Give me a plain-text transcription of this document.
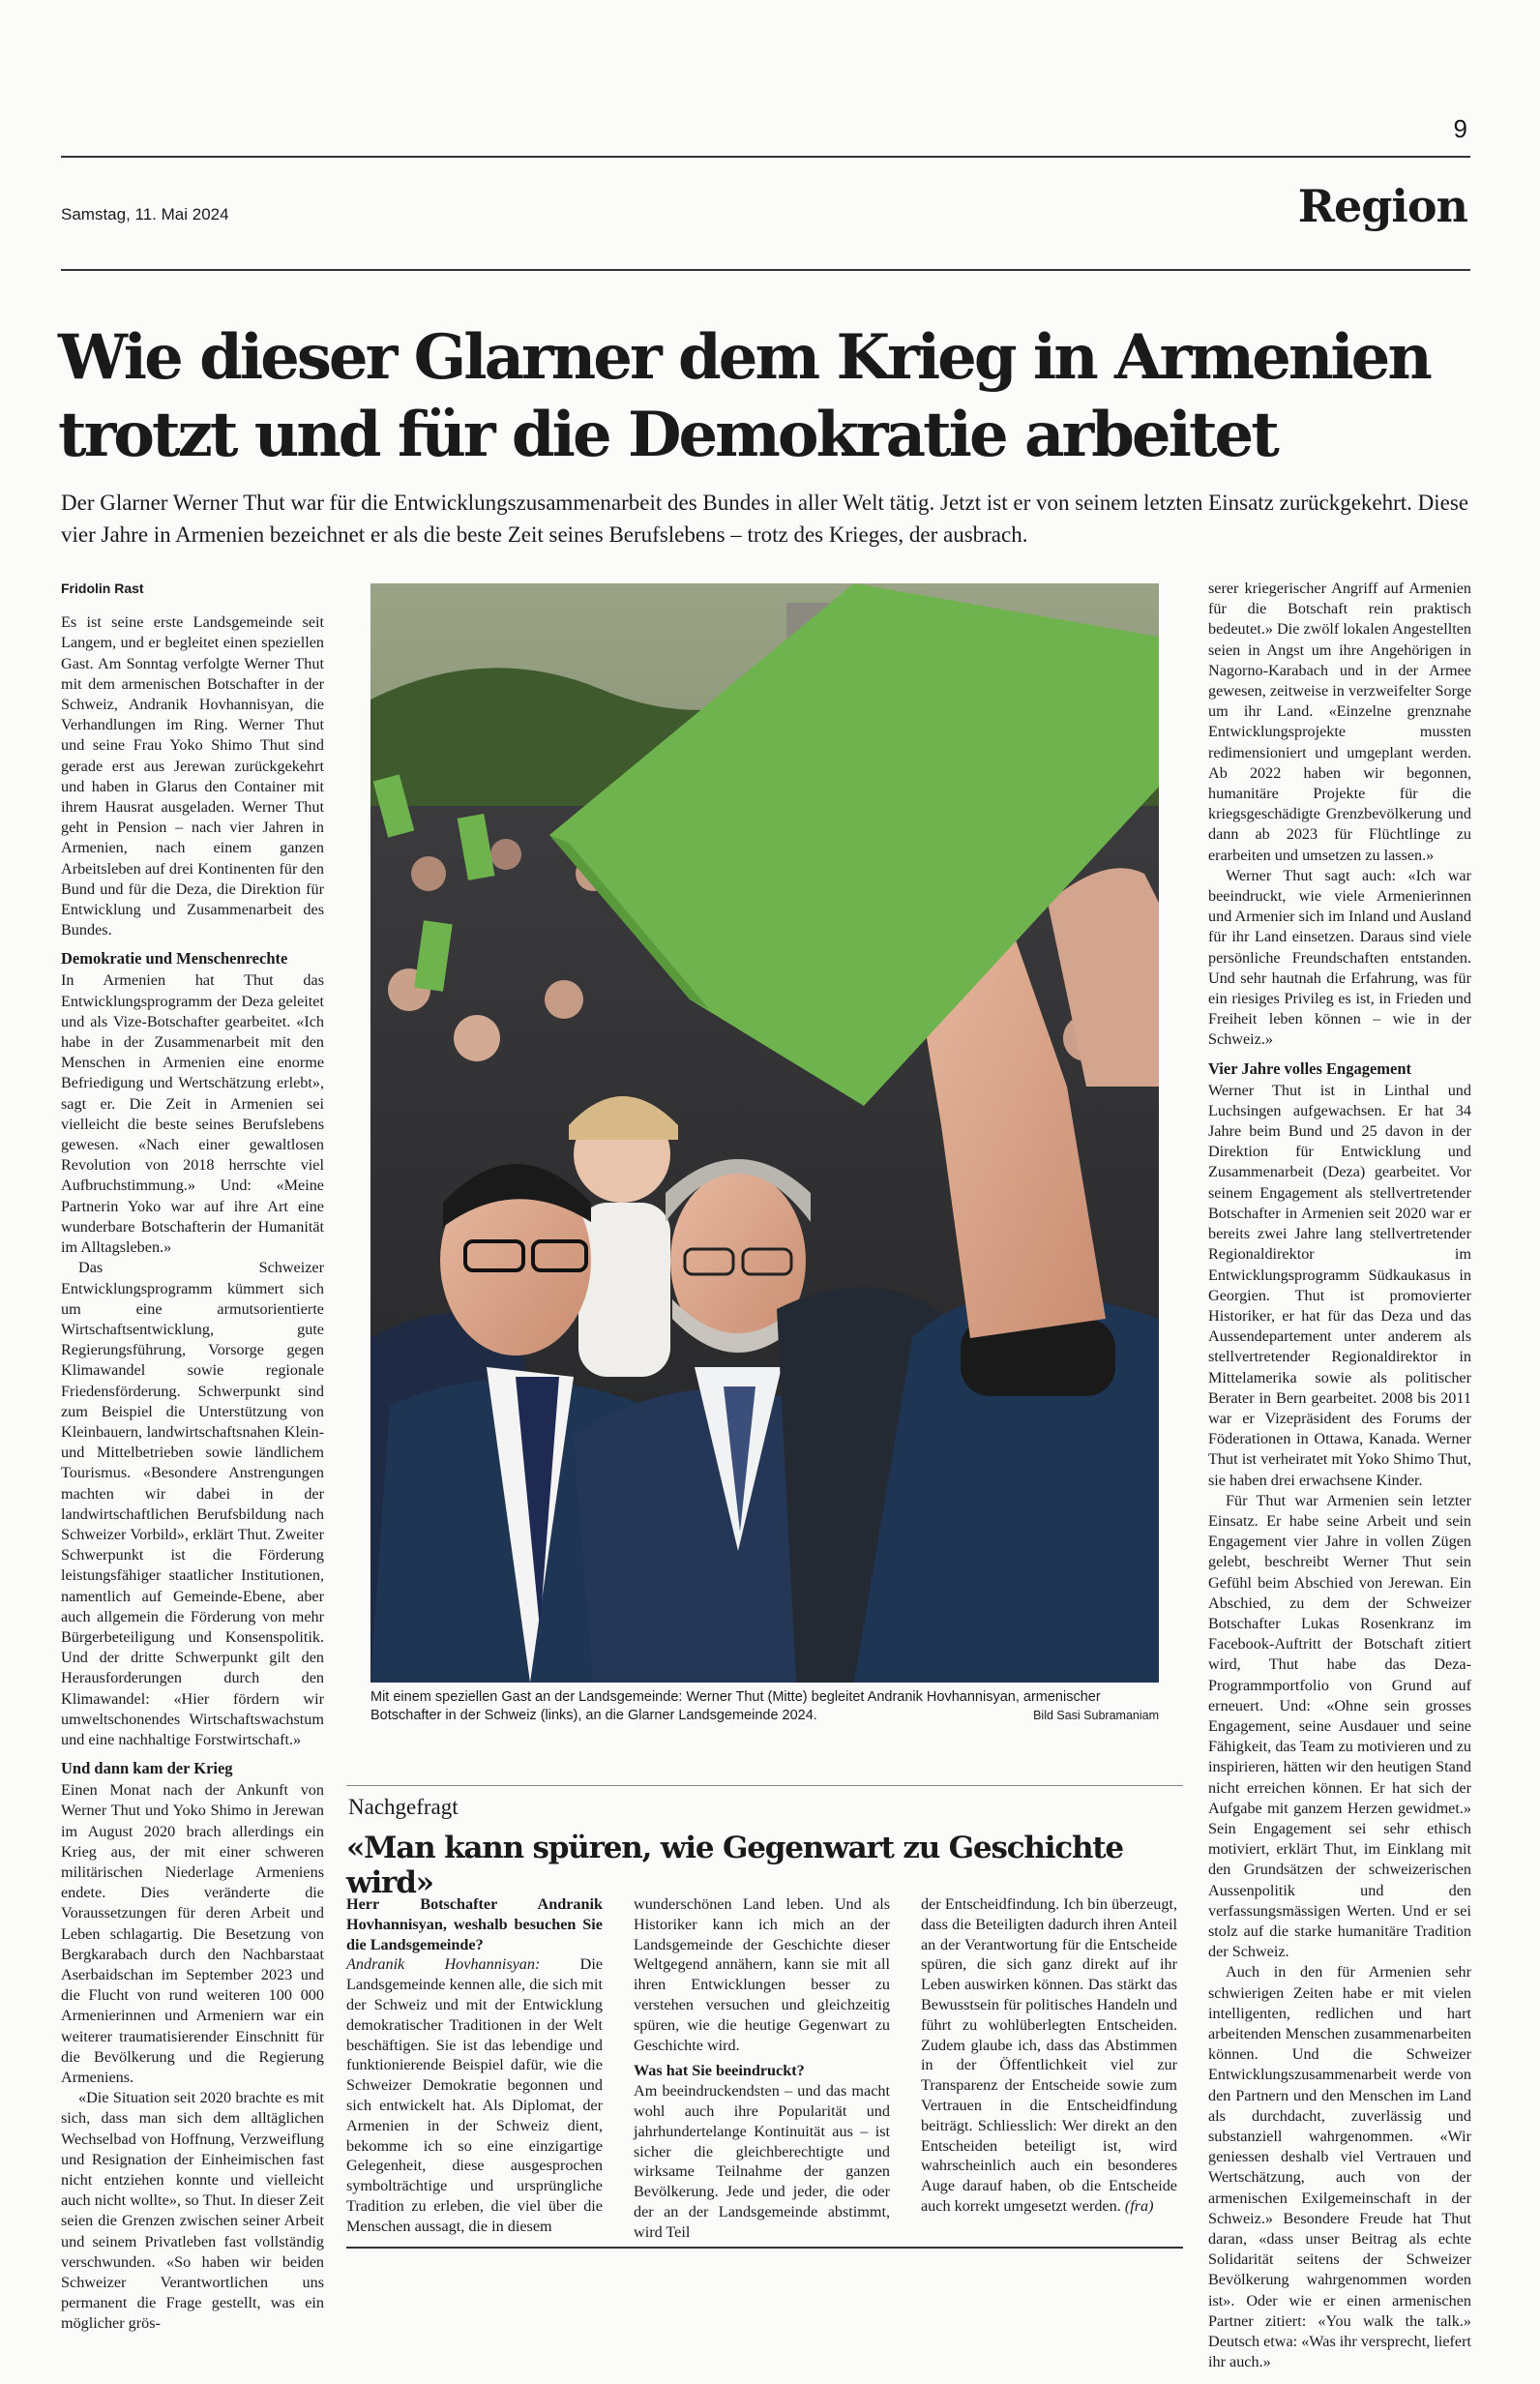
9
Samstag, 11. Mai 2024	Region
Wie dieser Glarner dem Krieg in Armenien trotzt und für die Demokratie arbeitet

Der Glarner Werner Thut war für die Entwicklungszusammenarbeit des Bundes in aller Welt tätig. Jetzt ist er von seinem letzten Einsatz zurückgekehrt. Diese vier Jahre in Armenien bezeichnet er als die beste Zeit seines Berufslebens – trotz des Krieges, der ausbrach.

Fridolin Rast

Es ist seine erste Landsgemeinde seit Langem, und er begleitet einen speziellen Gast. Am Sonntag verfolgte Werner Thut mit dem armenischen Botschafter in der Schweiz, Andranik Hovhannisyan, die Verhandlungen im Ring. Werner Thut und seine Frau Yoko Shimo Thut sind gerade erst aus Jerewan zurückgekehrt und haben in Glarus den Container mit ihrem Hausrat ausgeladen. Werner Thut geht in Pension – nach vier Jahren in Armenien, nach einem ganzen Arbeitsleben auf drei Kontinenten für den Bund und für die Deza, die Direktion für Entwicklung und Zusammenarbeit des Bundes.

Demokratie und Menschenrechte

In Armenien hat Thut das Entwicklungsprogramm der Deza geleitet und als Vize-Botschafter gearbeitet. «Ich habe in der Zusammenarbeit mit den Menschen in Armenien eine enorme Befriedigung und Wertschätzung erlebt», sagt er. Die Zeit in Armenien sei vielleicht die beste seines Berufslebens gewesen. «Nach einer gewaltlosen Revolution von 2018 herrschte viel Aufbruchstimmung.» Und: «Meine Partnerin Yoko war auf ihre Art eine wunderbare Botschafterin der Humanität im Alltagsleben.»

Das Schweizer Entwicklungsprogramm kümmert sich um eine armutsorientierte Wirtschaftsentwicklung, gute Regierungsführung, Vorsorge gegen Klimawandel sowie regionale Friedensförderung. Schwerpunkt sind zum Beispiel die Unterstützung von Kleinbauern, landwirtschaftsnahen Klein- und Mittelbetrieben sowie ländlichem Tourismus. «Besondere Anstrengungen machten wir dabei in der landwirtschaftlichen Berufsbildung nach Schweizer Vorbild», erklärt Thut. Zweiter Schwerpunkt ist die Förderung leistungsfähiger staatlicher Institutionen, namentlich auf Gemeinde-Ebene, aber auch allgemein die Förderung von mehr Bürgerbeteiligung und Konsenspolitik. Und der dritte Schwerpunkt gilt den Herausforderungen durch den Klimawandel: «Hier fördern wir umweltschonendes Wirtschaftswachstum und eine nachhaltige Forstwirtschaft.»

Und dann kam der Krieg

Einen Monat nach der Ankunft von Werner Thut und Yoko Shimo in Jerewan im August 2020 brach allerdings ein Krieg aus, der mit einer schweren militärischen Niederlage Armeniens endete. Dies veränderte die Voraussetzungen für deren Arbeit und Leben schlagartig. Die Besetzung von Bergkarabach durch den Nachbarstaat Aserbaidschan im September 2023 und die Flucht von rund weiteren 100 000 Armenierinnen und Armeniern war ein weiterer traumatisierender Einschnitt für die Bevölkerung und die Regierung Armeniens.

«Die Situation seit 2020 brachte es mit sich, dass man sich dem alltäglichen Wechselbad von Hoffnung, Verzweiflung und Resignation der Einheimischen fast nicht entziehen konnte und vielleicht auch nicht wollte», so Thut. In dieser Zeit seien die Grenzen zwischen seiner Arbeit und seinem Privatleben fast vollständig verschwunden. «So haben wir beiden Schweizer Verantwortlichen uns permanent die Frage gestellt, was ein möglicher grös-

Mit einem speziellen Gast an der Landsgemeinde: Werner Thut (Mitte) begleitet Andranik Hovhannisyan, armenischer Botschafter in der Schweiz (links), an die Glarner Landsgemeinde 2024.	Bild Sasi Subramaniam
Nachgefragt
«Man kann spüren, wie Gegenwart zu Geschichte wird»

Herr Botschafter Andranik Hovhannisyan, weshalb besuchen Sie die Landsgemeinde?

Andranik Hovhannisyan: Die Landsgemeinde kennen alle, die sich mit der Schweiz und mit der Entwicklung demokratischer Traditionen in der Welt beschäftigen. Sie ist das lebendige und funktionierende Beispiel dafür, wie die Schweizer Demokratie begonnen und sich entwickelt hat. Als Diplomat, der Armenien in der Schweiz dient, bekomme ich so eine einzigartige Gelegenheit, diese ausgesprochen symbolträchtige und ursprüngliche Tradition zu erleben, die viel über die Menschen aussagt, die in diesem

wunderschönen Land leben. Und als Historiker kann ich mich an der Landsgemeinde der Geschichte dieser Weltgegend annähern, kann sie mit all ihren Entwicklungen besser zu verstehen versuchen und gleichzeitig spüren, wie die heutige Gegenwart zu Geschichte wird.

Was hat Sie beeindruckt?

Am beeindruckendsten – und das macht wohl auch ihre Popularität und jahrhundertelange Kontinuität aus – ist sicher die gleichberechtigte und wirksame Teilnahme der ganzen Bevölkerung. Jede und jeder, die oder der an der Landsgemeinde abstimmt, wird Teil

der Entscheidfindung. Ich bin überzeugt, dass die Beteiligten dadurch ihren Anteil an der Verantwortung für die Entscheide spüren, die sich ganz direkt auf ihr Leben auswirken können. Das stärkt das Bewusstsein für politisches Handeln und führt zu wohlüberlegten Entscheiden. Zudem glaube ich, dass das Abstimmen in der Öffentlichkeit viel zur Transparenz der Entscheide sowie zum Vertrauen in die Entscheidfindung beiträgt. Schliesslich: Wer direkt an den Entscheiden beteiligt ist, wird wahrscheinlich auch ein besonderes Auge darauf haben, ob die Entscheide auch korrekt umgesetzt werden. (fra)

serer kriegerischer Angriff auf Armenien für die Botschaft rein praktisch bedeutet.» Die zwölf lokalen Angestellten seien in Angst um ihre Angehörigen in Nagorno-Karabach und in der Armee gewesen, zeitweise in verzweifelter Sorge um ihr Land. «Einzelne grenznahe Entwicklungsprojekte mussten redimensioniert und umgeplant werden. Ab 2022 haben wir begonnen, humanitäre Projekte für die kriegsgeschädigte Grenzbevölkerung und dann ab 2023 für Flüchtlinge zu erarbeiten und umsetzen zu lassen.»

Werner Thut sagt auch: «Ich war beeindruckt, wie viele Armenierinnen und Armenier sich im Inland und Ausland für ihr Land einsetzen. Daraus sind viele persönliche Freundschaften entstanden. Und sehr hautnah die Erfahrung, was für ein riesiges Privileg es ist, in Frieden und Freiheit leben können – wie in der Schweiz.»

Vier Jahre volles Engagement

Werner Thut ist in Linthal und Luchsingen aufgewachsen. Er hat 34 Jahre beim Bund und 25 davon in der Direktion für Entwicklung und Zusammenarbeit (Deza) gearbeitet. Vor seinem Engagement als stellvertretender Botschafter in Armenien seit 2020 war er bereits zwei Jahre lang stellvertretender Regionaldirektor im Entwicklungsprogramm Südkaukasus in Georgien. Thut ist promovierter Historiker, er hat für das Deza und das Aussendepartement unter anderem als stellvertretender Regionaldirektor in Mittelamerika sowie als politischer Berater in Bern gearbeitet. 2008 bis 2011 war er Vizepräsident des Forums der Föderationen in Ottawa, Kanada. Werner Thut ist verheiratet mit Yoko Shimo Thut, sie haben drei erwachsene Kinder.

Für Thut war Armenien sein letzter Einsatz. Er habe seine Arbeit und sein Engagement vier Jahre in vollen Zügen gelebt, beschreibt Werner Thut sein Gefühl beim Abschied von Jerewan. Ein Abschied, zu dem der Schweizer Botschafter Lukas Rosenkranz im Facebook-Auftritt der Botschaft zitiert wird, Thut habe das Deza-Programmportfolio von Grund auf erneuert. Und: «Ohne sein grosses Engagement, seine Ausdauer und seine Fähigkeit, das Team zu motivieren und zu inspirieren, hätten wir den heutigen Stand nicht erreichen können. Er hat sich der Aufgabe mit ganzem Herzen gewidmet.» Sein Engagement sei sehr ethisch motiviert, erklärt Thut, im Einklang mit den Grundsätzen der schweizerischen Aussenpolitik und den verfassungsmässigen Werten. Und er sei stolz auf die starke humanitäre Tradition der Schweiz.

Auch in den für Armenien sehr schwierigen Zeiten habe er mit vielen intelligenten, redlichen und hart arbeitenden Menschen zusammenarbeiten können. Und die Schweizer Entwicklungszusammenarbeit werde von den Partnern und den Menschen im Land als durchdacht, zuverlässig und substanziell wahrgenommen. «Wir geniessen deshalb viel Vertrauen und Wertschätzung, auch von der armenischen Exilgemeinschaft in der Schweiz.» Besondere Freude hat Thut daran, «dass unser Beitrag als echte Solidarität seitens der Schweizer Bevölkerung wahrgenommen worden ist». Oder wie er einen armenischen Partner zitiert: «You walk the talk.» Deutsch etwa: «Was ihr versprecht, liefert ihr auch.»
